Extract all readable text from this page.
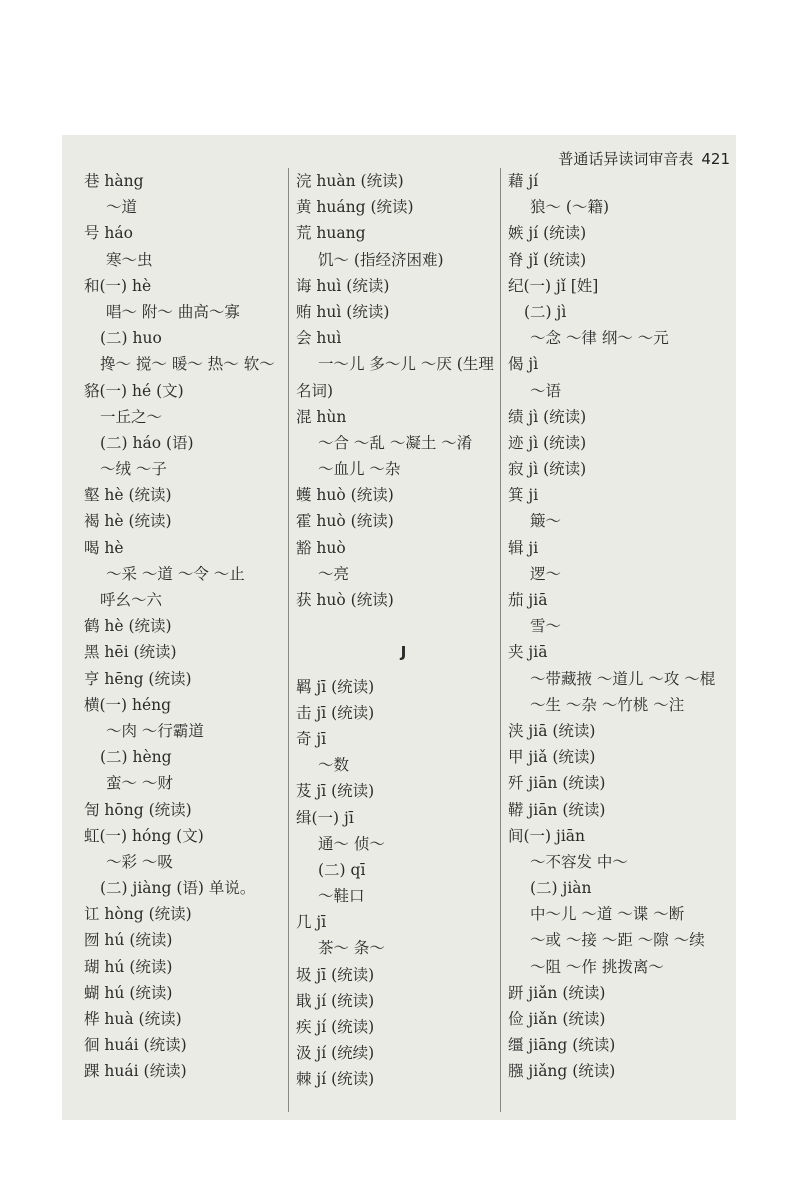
普通话异读词审音表 421
巷 hàng
～道
号 háo
寒～虫
和(一) hè
唱～ 附～ 曲高～寡
(二) huo
搀～ 搅～ 暖～ 热～ 软～
貉(一) hé (文)
一丘之～
(二) háo (语)
～绒 ～子
壑 hè (统读)
褐 hè (统读)
喝 hè
～采 ～道 ～令 ～止
呼幺～六
鹤 hè (统读)
黑 hēi (统读)
亨 hēng (统读)
横(一) héng
～肉 ～行霸道
(二) hèng
蛮～ ～财
訇 hōng (统读)
虹(一) hóng (文)
～彩 ～吸
(二) jiàng (语) 单说。
讧 hòng (统读)
囫 hú (统读)
瑚 hú (统读)
蝴 hú (统读)
桦 huà (统读)
徊 huái (统读)
踝 huái (统读)
浣 huàn (统读)
黄 huáng (统读)
荒 huang
饥～ (指经济困难)
诲 huì (统读)
贿 huì (统读)
会 huì
一～儿 多～儿 ～厌 (生理
名词)
混 hùn
～合 ～乱 ～凝土 ～淆
～血儿 ～杂
蠖 huò (统读)
霍 huò (统读)
豁 huò
～亮
获 huò (统读)
J
羁 jī (统读)
击 jī (统读)
奇 jī
～数
芨 jī (统读)
缉(一) jī
通～ 侦～
(二) qī
～鞋口
几 jī
茶～ 条～
圾 jī (统读)
戢 jí (统读)
疾 jí (统读)
汲 jí (统续)
棘 jí (统读)
藉 jí
狼～ (～籍)
嫉 jí (统读)
脊 jǐ (统读)
纪(一) jǐ [姓]
(二) jì
～念 ～律 纲～ ～元
偈 jì
～语
绩 jì (统读)
迹 jì (统读)
寂 jì (统读)
箕 ji
簸～
辑 ji
逻～
茄 jiā
雪～
夹 jiā
～带藏掖 ～道儿 ～攻 ～棍
～生 ～杂 ～竹桃 ～注
浃 jiā (统读)
甲 jiǎ (统读)
歼 jiān (统读)
鞯 jiān (统读)
间(一) jiān
～不容发 中～
(二) jiàn
中～儿 ～道 ～谍 ～断
～或 ～接 ～距 ～隙 ～续
～阻 ～作 挑拨离～
趼 jiǎn (统读)
俭 jiǎn (统读)
缰 jiāng (统读)
膙 jiǎng (统读)
